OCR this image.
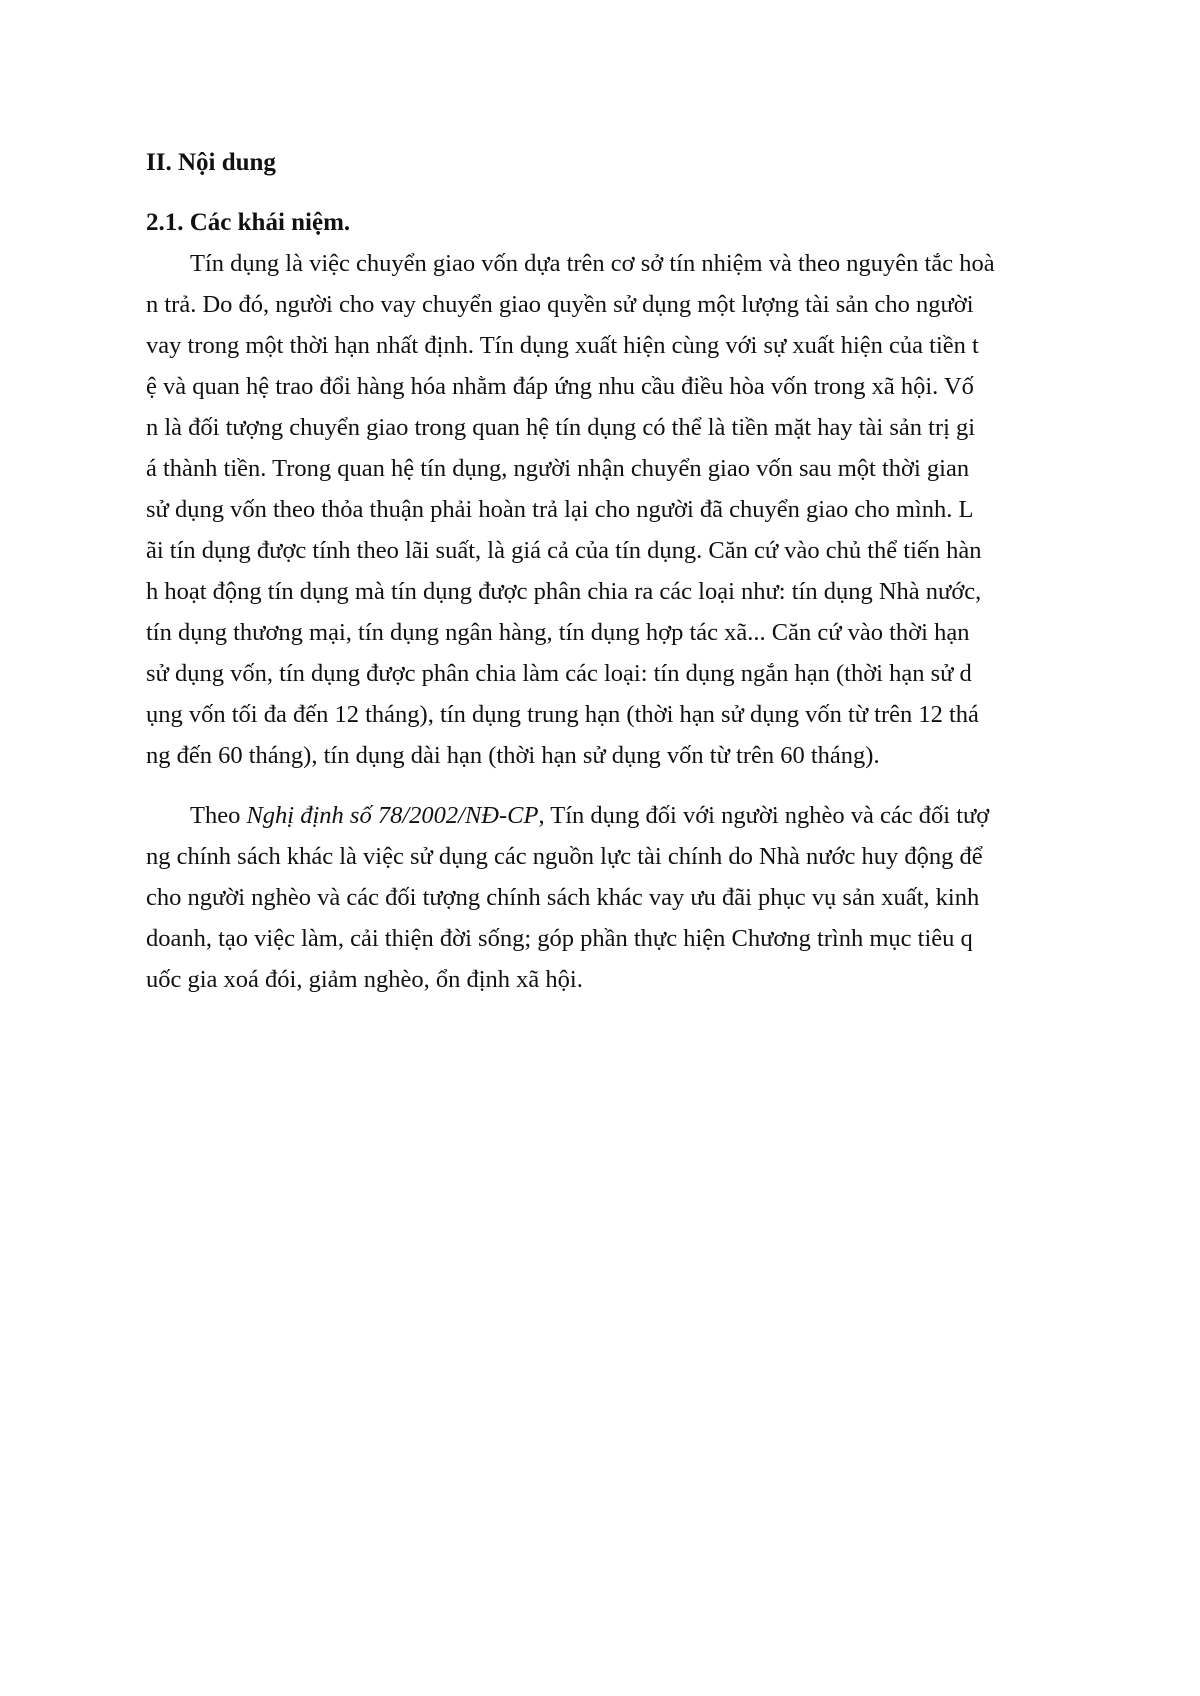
II. Nội dung
2.1. Các khái niệm.

Tín dụng là việc chuyển giao vốn dựa trên cơ sở tín nhiệm và theo nguyên tắc hoà

n trả. Do đó, người cho vay chuyển giao quyền sử dụng một lượng tài sản cho người

vay trong một thời hạn nhất định. Tín dụng xuất hiện cùng với sự xuất hiện của tiền t

ệ và quan hệ trao đổi hàng hóa nhằm đáp ứng nhu cầu điều hòa vốn trong xã hội. Vố

n là đối tượng chuyển giao trong quan hệ tín dụng có thể là tiền mặt hay tài sản trị gi

á thành tiền. Trong quan hệ tín dụng, người nhận chuyển giao vốn sau một thời gian

sử dụng vốn theo thỏa thuận phải hoàn trả lại cho người đã chuyển giao cho mình. L

ãi tín dụng được tính theo lãi suất, là giá cả của tín dụng. Căn cứ vào chủ thể tiến hàn

h hoạt động tín dụng mà tín dụng được phân chia ra các loại như: tín dụng Nhà nước,

tín dụng thương mại, tín dụng ngân hàng, tín dụng hợp tác xã... Căn cứ vào thời hạn

sử dụng vốn, tín dụng được phân chia làm các loại: tín dụng ngắn hạn (thời hạn sử d

ụng vốn tối đa đến 12 tháng), tín dụng trung hạn (thời hạn sử dụng vốn từ trên 12 thá

ng đến 60 tháng), tín dụng dài hạn (thời hạn sử dụng vốn từ trên 60 tháng).

Theo Nghị định số 78/2002/NĐ-CP, Tín dụng đối với người nghèo và các đối tượ

ng chính sách khác là việc sử dụng các nguồn lực tài chính do Nhà nước huy động để

cho người nghèo và các đối tượng chính sách khác vay ưu đãi phục vụ sản xuất, kinh

doanh, tạo việc làm, cải thiện đời sống; góp phần thực hiện Chương trình mục tiêu q

uốc gia xoá đói, giảm nghèo, ổn định xã hội.
